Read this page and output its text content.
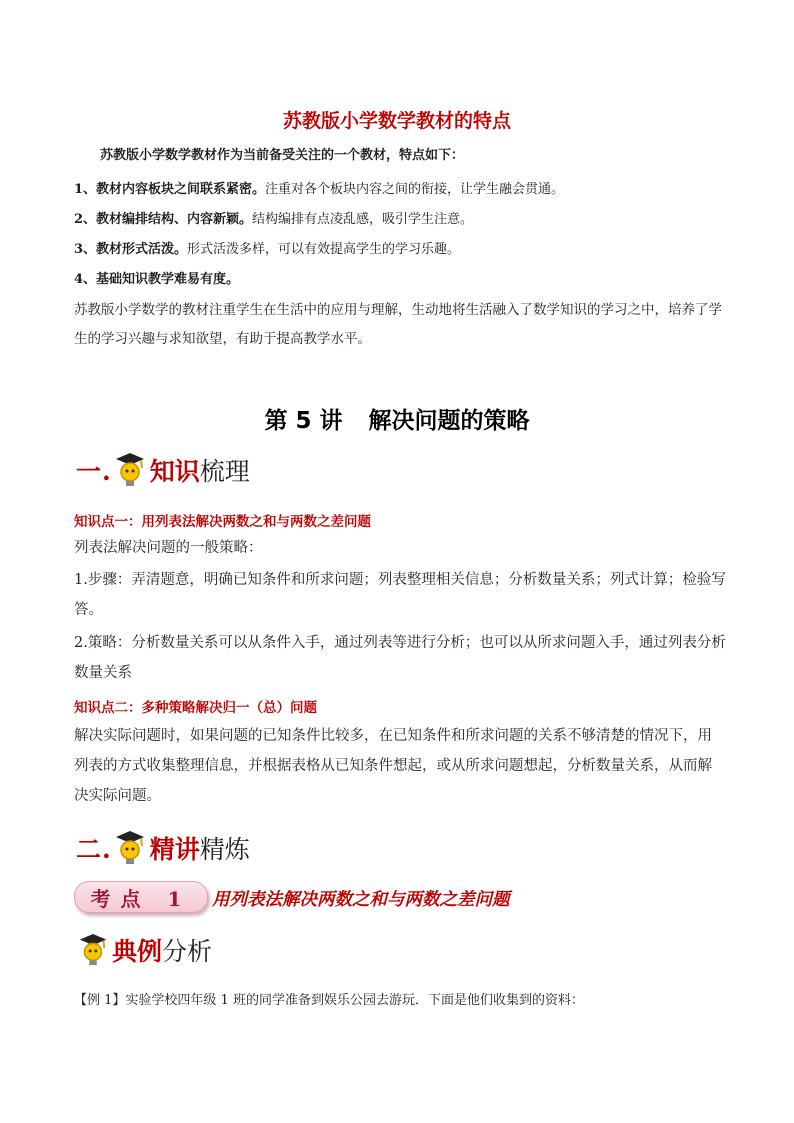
苏教版小学数学教材的特点
苏教版小学数学教材作为当前备受关注的一个教材，特点如下：
1、教材内容板块之间联系紧密。注重对各个板块内容之间的衔接，让学生融会贯通。
2、教材编排结构、内容新颖。结构编排有点凌乱感，吸引学生注意。
3、教材形式活泼。形式活泼多样，可以有效提高学生的学习乐趣。
4、基础知识教学难易有度。
苏教版小学数学的教材注重学生在生活中的应用与理解，生动地将生活融入了数学知识的学习之中，培养了学生的学习兴趣与求知欲望，有助于提高教学水平。
第 5 讲 解决问题的策略
一. 知识 梳理
知识点一：用列表法解决两数之和与两数之差问题
列表法解决问题的一般策略：
1.步骤：弄清题意，明确已知条件和所求问题；列表整理相关信息；分析数量关系；列式计算；检验写答。
2.策略：分析数量关系可以从条件入手，通过列表等进行分析；也可以从所求问题入手，通过列表分析数量关系
知识点二：多种策略解决归一（总）问题
解决实际问题时，如果问题的已知条件比较多，在已知条件和所求问题的关系不够清楚的情况下，用列表的方式收集整理信息，并根据表格从已知条件想起，或从所求问题想起，分析数量关系，从而解决实际问题。
二. 精讲 精炼
考点 1	用列表法解决两数之和与两数之差问题
典例 分析
【例 1】实验学校四年级 1 班的同学准备到娱乐公园去游玩．下面是他们收集到的资料：
